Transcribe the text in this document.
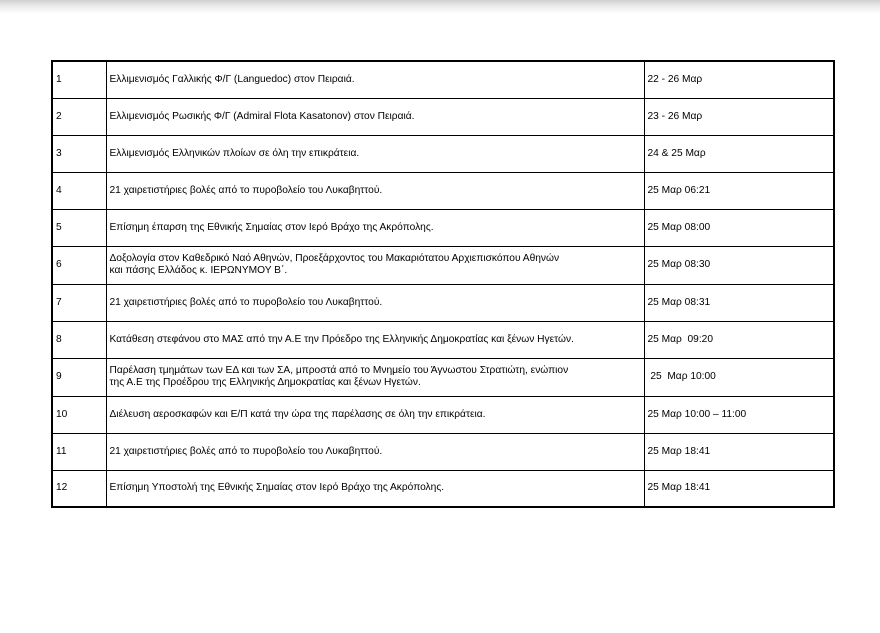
1	Ελλιμενισμός Γαλλικής Φ/Γ (Languedoc) στον Πειραιά.	22 - 26 Μαρ
2	Ελλιμενισμός Ρωσικής Φ/Γ (Admiral Flota Kasatonov) στον Πειραιά.	23 - 26 Μαρ
3	Ελλιμενισμός Ελληνικών πλοίων σε όλη την επικράτεια.	24 & 25 Μαρ
4	21 χαιρετιστήριες βολές από το πυροβολείο του Λυκαβηττού.	25 Μαρ 06:21
5	Επίσημη έπαρση της Εθνικής Σημαίας στον Ιερό Βράχο της Ακρόπολης.	25 Μαρ 08:00
6	Δοξολογία στον Καθεδρικό Ναό Αθηνών, Προεξάρχοντος του Μακαριότατου Αρχιεπισκόπου Αθηνών
και πάσης Ελλάδος κ. ΙΕΡΩΝΥΜΟΥ Β΄.	25 Μαρ 08:30
7	21 χαιρετιστήριες βολές από το πυροβολείο του Λυκαβηττού.	25 Μαρ 08:31
8	Κατάθεση στεφάνου στο ΜΑΣ από την Α.Ε την Πρόεδρο της Ελληνικής Δημοκρατίας και ξένων Ηγετών.	25 Μαρ  09:20
9	Παρέλαση τμημάτων των ΕΔ και των ΣΑ, μπροστά από το Μνημείο του Άγνωστου Στρατιώτη, ενώπιον
της Α.Ε της Προέδρου της Ελληνικής Δημοκρατίας και ξένων Ηγετών.	25  Μαρ 10:00
10	Διέλευση αεροσκαφών και Ε/Π κατά την ώρα της παρέλασης σε όλη την επικράτεια.	25 Μαρ 10:00 – 11:00
11	21 χαιρετιστήριες βολές από το πυροβολείο του Λυκαβηττού.	25 Μαρ 18:41
12	Επίσημη Υποστολή της Εθνικής Σημαίας στον Ιερό Βράχο της Ακρόπολης.	25 Μαρ 18:41
